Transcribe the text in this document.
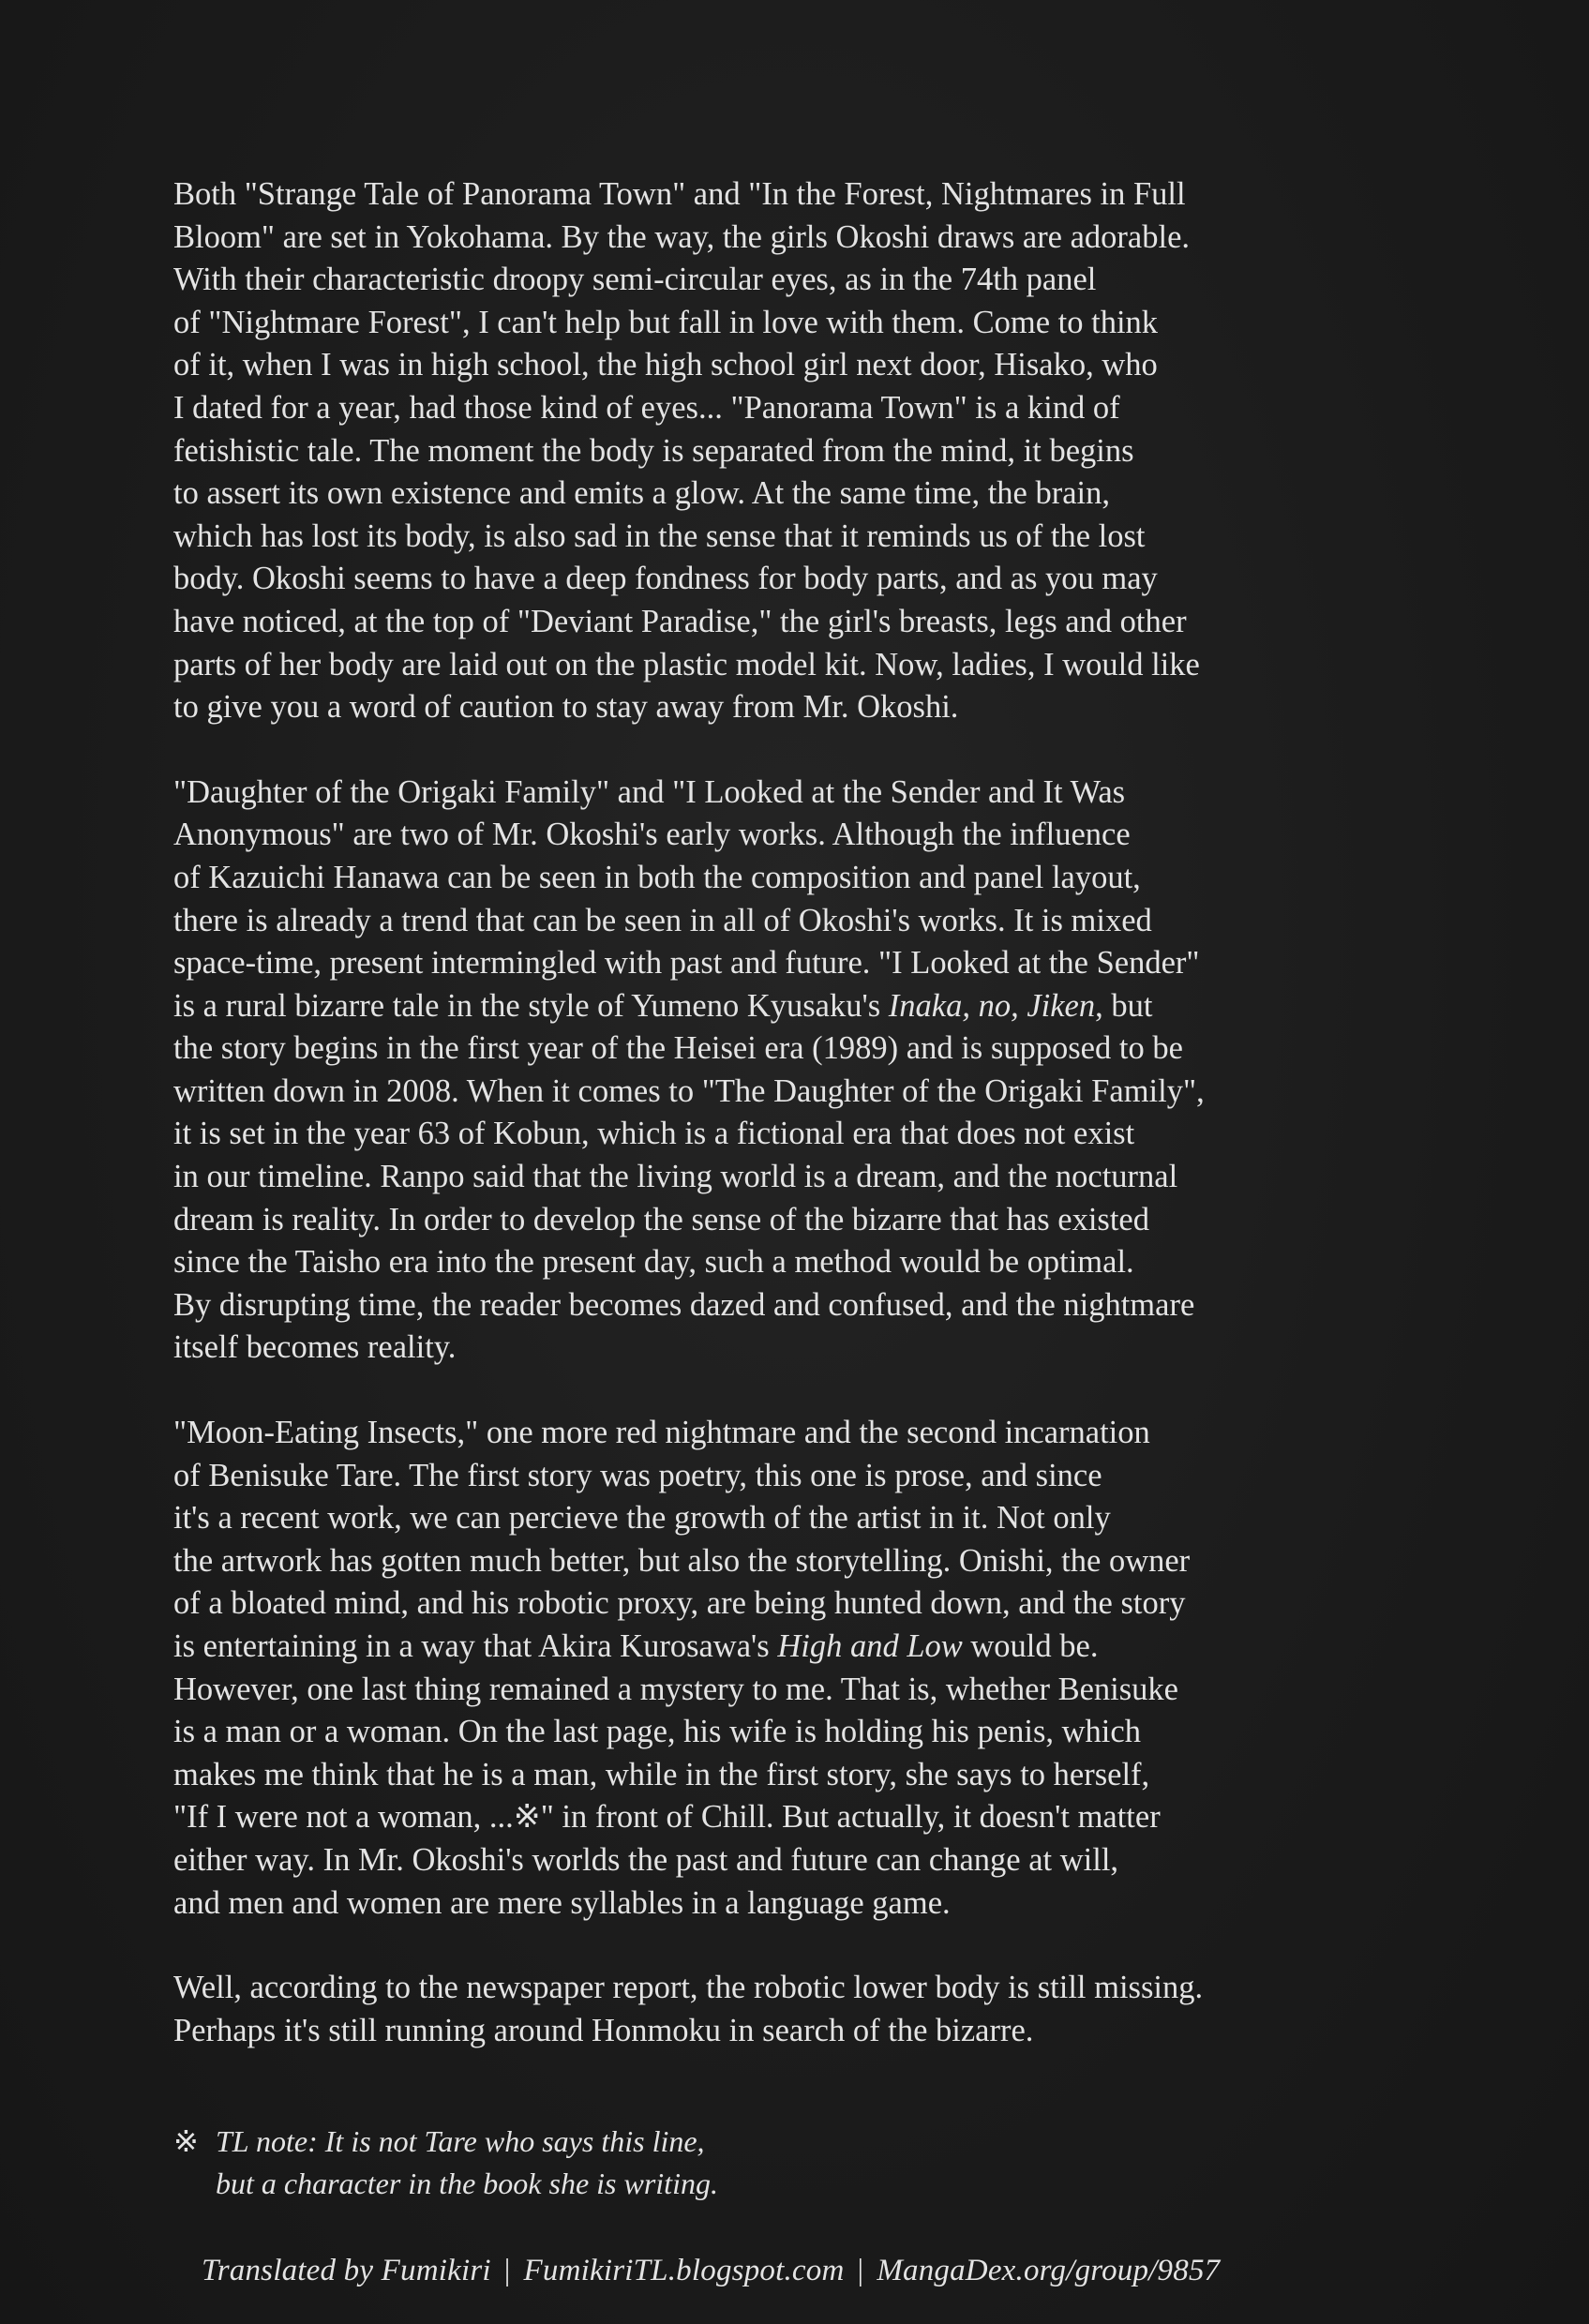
Both "Strange Tale of Panorama Town" and "In the Forest, Nightmares in Full
Bloom" are set in Yokohama. By the way, the girls Okoshi draws are adorable.
With their characteristic droopy semi-circular eyes, as in the 74th panel
of "Nightmare Forest", I can't help but fall in love with them. Come to think
of it, when I was in high school, the high school girl next door, Hisako, who
I dated for a year, had those kind of eyes... "Panorama Town" is a kind of
fetishistic tale. The moment the body is separated from the mind, it begins
to assert its own existence and emits a glow. At the same time, the brain,
which has lost its body, is also sad in the sense that it reminds us of the lost
body. Okoshi seems to have a deep fondness for body parts, and as you may
have noticed, at the top of "Deviant Paradise," the girl's breasts, legs and other
parts of her body are laid out on the plastic model kit. Now, ladies, I would like
to give you a word of caution to stay away from Mr. Okoshi.
"Daughter of the Origaki Family" and "I Looked at the Sender and It Was
Anonymous" are two of Mr. Okoshi's early works. Although the influence
of Kazuichi Hanawa can be seen in both the composition and panel layout,
there is already a trend that can be seen in all of Okoshi's works. It is mixed
space-time, present intermingled with past and future. "I Looked at the Sender"
is a rural bizarre tale in the style of Yumeno Kyusaku's Inaka, no, Jiken, but
the story begins in the first year of the Heisei era (1989) and is supposed to be
written down in 2008. When it comes to "The Daughter of the Origaki Family",
it is set in the year 63 of Kobun, which is a fictional era that does not exist
in our timeline. Ranpo said that the living world is a dream, and the nocturnal
dream is reality. In order to develop the sense of the bizarre that has existed
since the Taisho era into the present day, such a method would be optimal.
By disrupting time, the reader becomes dazed and confused, and the nightmare
itself becomes reality.
"Moon-Eating Insects," one more red nightmare and the second incarnation
of Benisuke Tare. The first story was poetry, this one is prose, and since
it's a recent work, we can percieve the growth of the artist in it. Not only
the artwork has gotten much better, but also the storytelling. Onishi, the owner
of a bloated mind, and his robotic proxy, are being hunted down, and the story
is entertaining in a way that Akira Kurosawa's High and Low would be.
However, one last thing remained a mystery to me. That is, whether Benisuke
is a man or a woman. On the last page, his wife is holding his penis, which
makes me think that he is a man, while in the first story, she says to herself,
"If I were not a woman, ...※" in front of Chill. But actually, it doesn't matter
either way. In Mr. Okoshi's worlds the past and future can change at will,
and men and women are mere syllables in a language game.
Well, according to the newspaper report, the robotic lower body is still missing.
Perhaps it's still running around Honmoku in search of the bizarre.
※ TL note: It is not Tare who says this line,
but a character in the book she is writing.
Translated by Fumikiri | FumikiriTL.blogspot.com | MangaDex.org/group/9857
